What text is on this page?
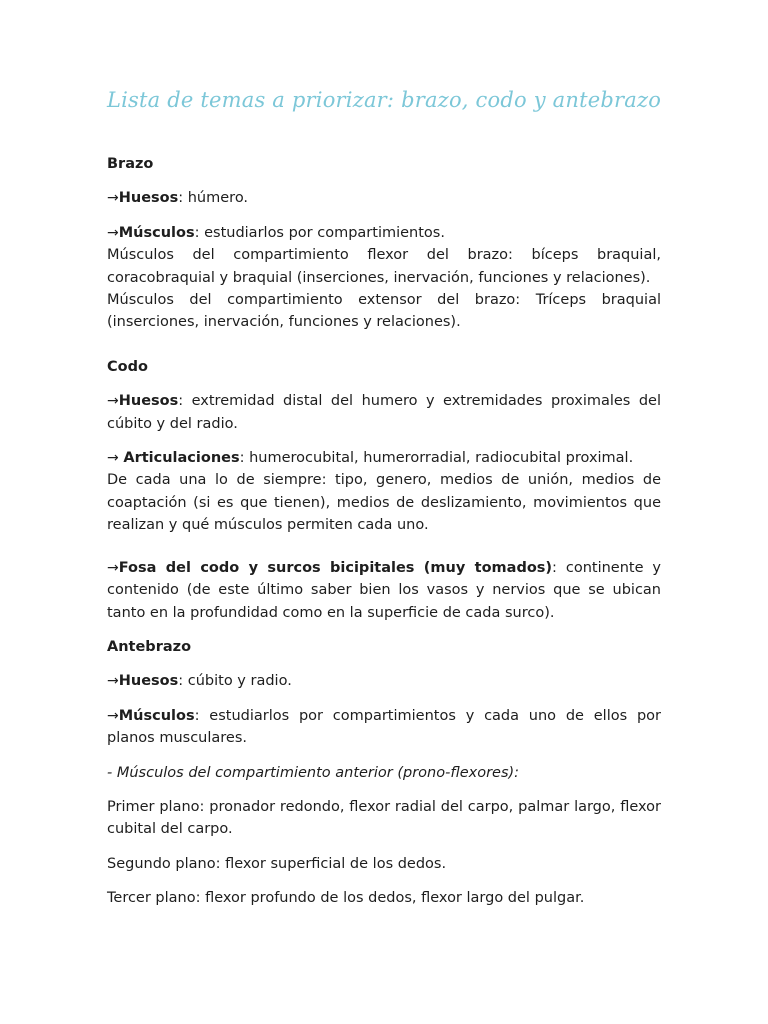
Lista de temas a priorizar: brazo, codo y antebrazo

Brazo

→Huesos: húmero.

→Músculos: estudiarlos por compartimientos.

Músculos del compartimiento flexor del brazo: bíceps braquial, coracobraquial y braquial (inserciones, inervación, funciones y relaciones).

Músculos del compartimiento extensor del brazo: Tríceps braquial (inserciones, inervación, funciones y relaciones).

Codo

→Huesos: extremidad distal del humero y extremidades proximales del cúbito y del radio.

→ Articulaciones: humerocubital, humerorradial, radiocubital proximal.

De cada una lo de siempre: tipo, genero, medios de unión, medios de coaptación (si es que tienen), medios de deslizamiento, movimientos que realizan y qué músculos permiten cada uno.

→Fosa del codo y surcos bicipitales (muy tomados): continente y contenido (de este último saber bien los vasos y nervios que se ubican tanto en la profundidad como en la superficie de cada surco).

Antebrazo

→Huesos: cúbito y radio.

→Músculos: estudiarlos por compartimientos y cada uno de ellos por planos musculares.

- Músculos del compartimiento anterior (prono-flexores):

Primer plano: pronador redondo, flexor radial del carpo, palmar largo, flexor cubital del carpo.

Segundo plano: flexor superficial de los dedos.

Tercer plano: flexor profundo de los dedos, flexor largo del pulgar.
